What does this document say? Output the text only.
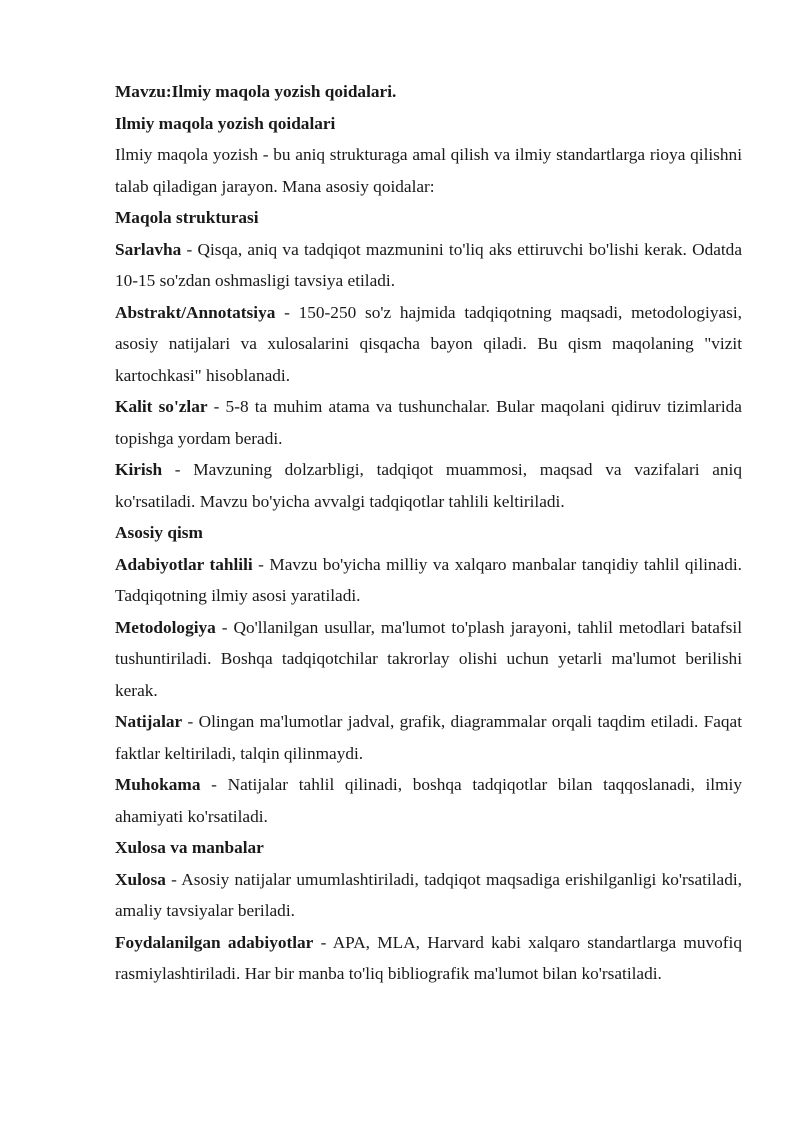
Mavzu:Ilmiy maqola yozish qoidalari.

Ilmiy maqola yozish qoidalari

Ilmiy maqola yozish - bu aniq strukturaga amal qilish va ilmiy standartlarga rioya qilishni talab qiladigan jarayon. Mana asosiy qoidalar:

Maqola strukturasi

Sarlavha - Qisqa, aniq va tadqiqot mazmunini to'liq aks ettiruvchi bo'lishi kerak. Odatda 10-15 so'zdan oshmasligi tavsiya etiladi.

Abstrakt/Annotatsiya - 150-250 so'z hajmida tadqiqotning maqsadi, metodologiyasi, asosiy natijalari va xulosalarini qisqacha bayon qiladi. Bu qism maqolaning "vizit kartochkasi" hisoblanadi.

Kalit so'zlar - 5-8 ta muhim atama va tushunchalar. Bular maqolani qidiruv tizimlarida topishga yordam beradi.

Kirish - Mavzuning dolzarbligi, tadqiqot muammosi, maqsad va vazifalari aniq ko'rsatiladi. Mavzu bo'yicha avvalgi tadqiqotlar tahlili keltiriladi.

Asosiy qism

Adabiyotlar tahlili - Mavzu bo'yicha milliy va xalqaro manbalar tanqidiy tahlil qilinadi. Tadqiqotning ilmiy asosi yaratiladi.

Metodologiya - Qo'llanilgan usullar, ma'lumot to'plash jarayoni, tahlil metodlari batafsil tushuntiriladi. Boshqa tadqiqotchilar takrorlay olishi uchun yetarli ma'lumot berilishi kerak.

Natijalar - Olingan ma'lumotlar jadval, grafik, diagrammalar orqali taqdim etiladi. Faqat faktlar keltiriladi, talqin qilinmaydi.

Muhokama - Natijalar tahlil qilinadi, boshqa tadqiqotlar bilan taqqoslanadi, ilmiy ahamiyati ko'rsatiladi.

Xulosa va manbalar

Xulosa - Asosiy natijalar umumlashtiriladi, tadqiqot maqsadiga erishilganligi ko'rsatiladi, amaliy tavsiyalar beriladi.

Foydalanilgan adabiyotlar - APA, MLA, Harvard kabi xalqaro standartlarga muvofiq rasmiylashtiriladi. Har bir manba to'liq bibliografik ma'lumot bilan ko'rsatiladi.
